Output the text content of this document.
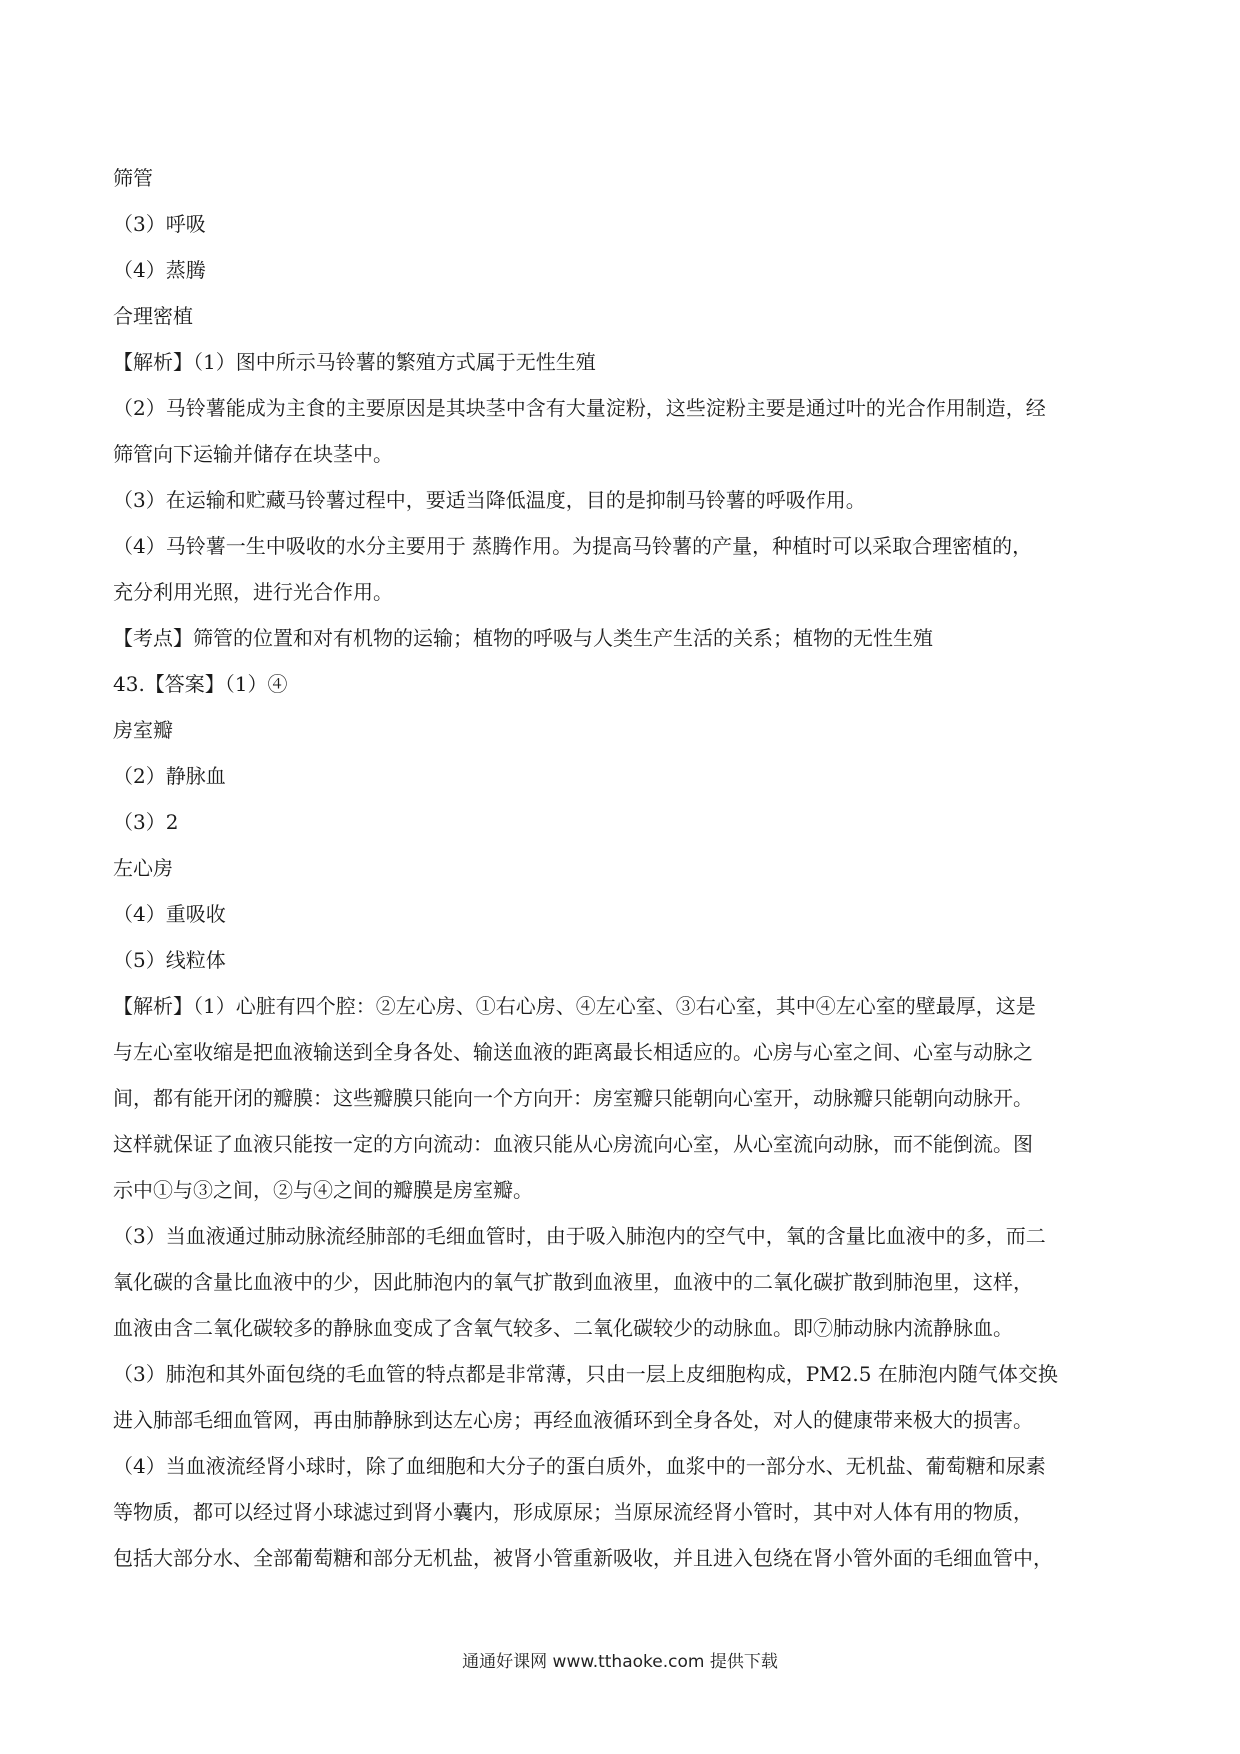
筛管
（3）呼吸
（4）蒸腾
合理密植
【解析】（1）图中所示马铃薯的繁殖方式属于无性生殖
（2）马铃薯能成为主食的主要原因是其块茎中含有大量淀粉，这些淀粉主要是通过叶的光合作用制造，经
筛管向下运输并储存在块茎中。
（3）在运输和贮藏马铃薯过程中，要适当降低温度，目的是抑制马铃薯的呼吸作用。
（4）马铃薯一生中吸收的水分主要用于 蒸腾作用。为提高马铃薯的产量，种植时可以采取合理密植的，
充分利用光照，进行光合作用。
【考点】筛管的位置和对有机物的运输；植物的呼吸与人类生产生活的关系；植物的无性生殖
43.【答案】（1）④
房室瓣
（2）静脉血
（3）2
左心房
（4）重吸收
（5）线粒体
【解析】（1）心脏有四个腔：②左心房、①右心房、④左心室、③右心室，其中④左心室的壁最厚，这是
与左心室收缩是把血液输送到全身各处、输送血液的距离最长相适应的。心房与心室之间、心室与动脉之
间，都有能开闭的瓣膜：这些瓣膜只能向一个方向开：房室瓣只能朝向心室开，动脉瓣只能朝向动脉开。
这样就保证了血液只能按一定的方向流动：血液只能从心房流向心室，从心室流向动脉，而不能倒流。图
示中①与③之间，②与④之间的瓣膜是房室瓣。
（3）当血液通过肺动脉流经肺部的毛细血管时，由于吸入肺泡内的空气中，氧的含量比血液中的多，而二
氧化碳的含量比血液中的少，因此肺泡内的氧气扩散到血液里，血液中的二氧化碳扩散到肺泡里，这样，
血液由含二氧化碳较多的静脉血变成了含氧气较多、二氧化碳较少的动脉血。即⑦肺动脉内流静脉血。
（3）肺泡和其外面包绕的毛血管的特点都是非常薄，只由一层上皮细胞构成，PM2.5 在肺泡内随气体交换
进入肺部毛细血管网，再由肺静脉到达左心房；再经血液循环到全身各处，对人的健康带来极大的损害。
（4）当血液流经肾小球时，除了血细胞和大分子的蛋白质外，血浆中的一部分水、无机盐、葡萄糖和尿素
等物质，都可以经过肾小球滤过到肾小囊内，形成原尿；当原尿流经肾小管时，其中对人体有用的物质，
包括大部分水、全部葡萄糖和部分无机盐，被肾小管重新吸收，并且进入包绕在肾小管外面的毛细血管中，
通通好课网 www.tthaoke.com 提供下载
